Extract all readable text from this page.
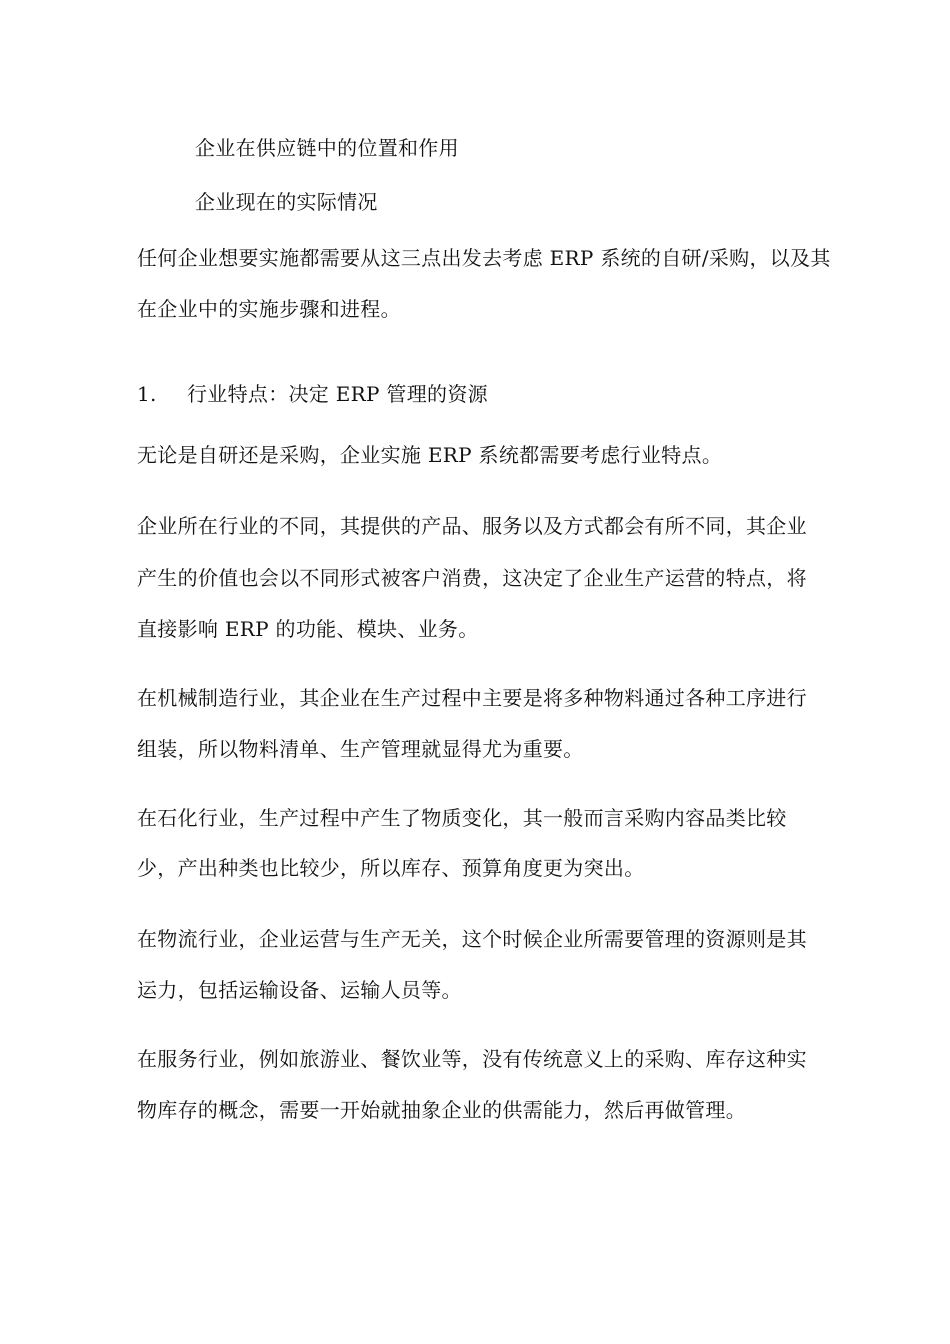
企业在供应链中的位置和作用
企业现在的实际情况
任何企业想要实施都需要从这三点出发去考虑 ERP 系统的自研/采购，以及其
在企业中的实施步骤和进程。
1. 行业特点：决定 ERP 管理的资源
无论是自研还是采购，企业实施 ERP 系统都需要考虑行业特点。
企业所在行业的不同，其提供的产品、服务以及方式都会有所不同，其企业
产生的价值也会以不同形式被客户消费，这决定了企业生产运营的特点，将
直接影响 ERP 的功能、模块、业务。
在机械制造行业，其企业在生产过程中主要是将多种物料通过各种工序进行
组装，所以物料清单、生产管理就显得尤为重要。
在石化行业，生产过程中产生了物质变化，其一般而言采购内容品类比较
少，产出种类也比较少，所以库存、预算角度更为突出。
在物流行业，企业运营与生产无关，这个时候企业所需要管理的资源则是其
运力，包括运输设备、运输人员等。
在服务行业，例如旅游业、餐饮业等，没有传统意义上的采购、库存这种实
物库存的概念，需要一开始就抽象企业的供需能力，然后再做管理。
